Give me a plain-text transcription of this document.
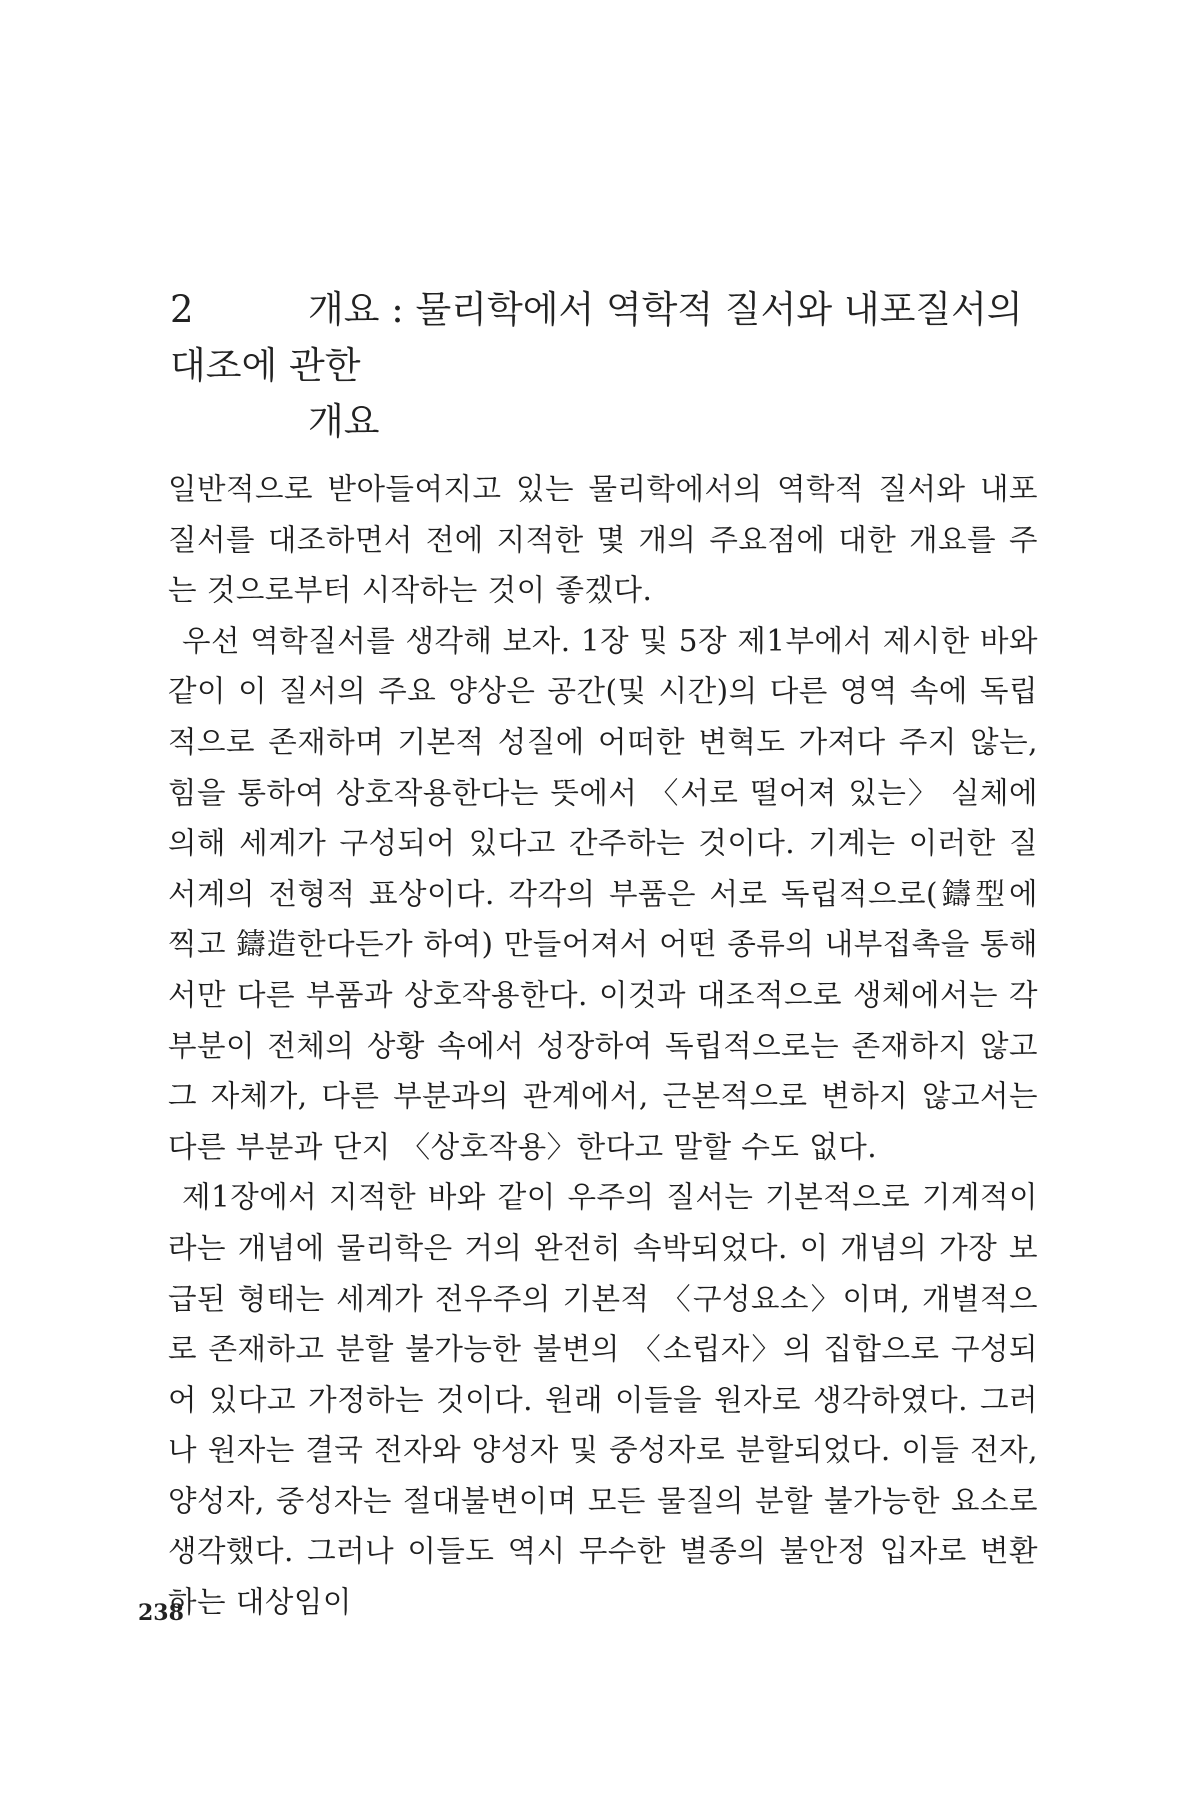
2	개요 : 물리학에서 역학적 질서와 내포질서의 대조에 관한
개요

일반적으로 받아들여지고 있는 물리학에서의 역학적 질서와 내포질서를 대조하면서 전에 지적한 몇 개의 주요점에 대한 개요를 주는 것으로부터 시작하는 것이 좋겠다.

우선 역학질서를 생각해 보자. 1장 및 5장 제1부에서 제시한 바와 같이 이 질서의 주요 양상은 공간(및 시간)의 다른 영역 속에 독립적으로 존재하며 기본적 성질에 어떠한 변혁도 가져다 주지 않는, 힘을 통하여 상호작용한다는 뜻에서 〈서로 떨어져 있는〉 실체에 의해 세계가 구성되어 있다고 간주하는 것이다. 기계는 이러한 질서계의 전형적 표상이다. 각각의 부품은 서로 독립적으로(鑄型에 찍고 鑄造한다든가 하여) 만들어져서 어떤 종류의 내부접촉을 통해서만 다른 부품과 상호작용한다. 이것과 대조적으로 생체에서는 각 부분이 전체의 상황 속에서 성장하여 독립적으로는 존재하지 않고 그 자체가, 다른 부분과의 관계에서, 근본적으로 변하지 않고서는 다른 부분과 단지 〈상호작용〉한다고 말할 수도 없다.

제1장에서 지적한 바와 같이 우주의 질서는 기본적으로 기계적이라는 개념에 물리학은 거의 완전히 속박되었다. 이 개념의 가장 보급된 형태는 세계가 전우주의 기본적 〈구성요소〉이며, 개별적으로 존재하고 분할 불가능한 불변의 〈소립자〉의 집합으로 구성되어 있다고 가정하는 것이다. 원래 이들을 원자로 생각하였다. 그러나 원자는 결국 전자와 양성자 및 중성자로 분할되었다. 이들 전자, 양성자, 중성자는 절대불변이며 모든 물질의 분할 불가능한 요소로 생각했다. 그러나 이들도 역시 무수한 별종의 불안정 입자로 변환하는 대상임이

238
